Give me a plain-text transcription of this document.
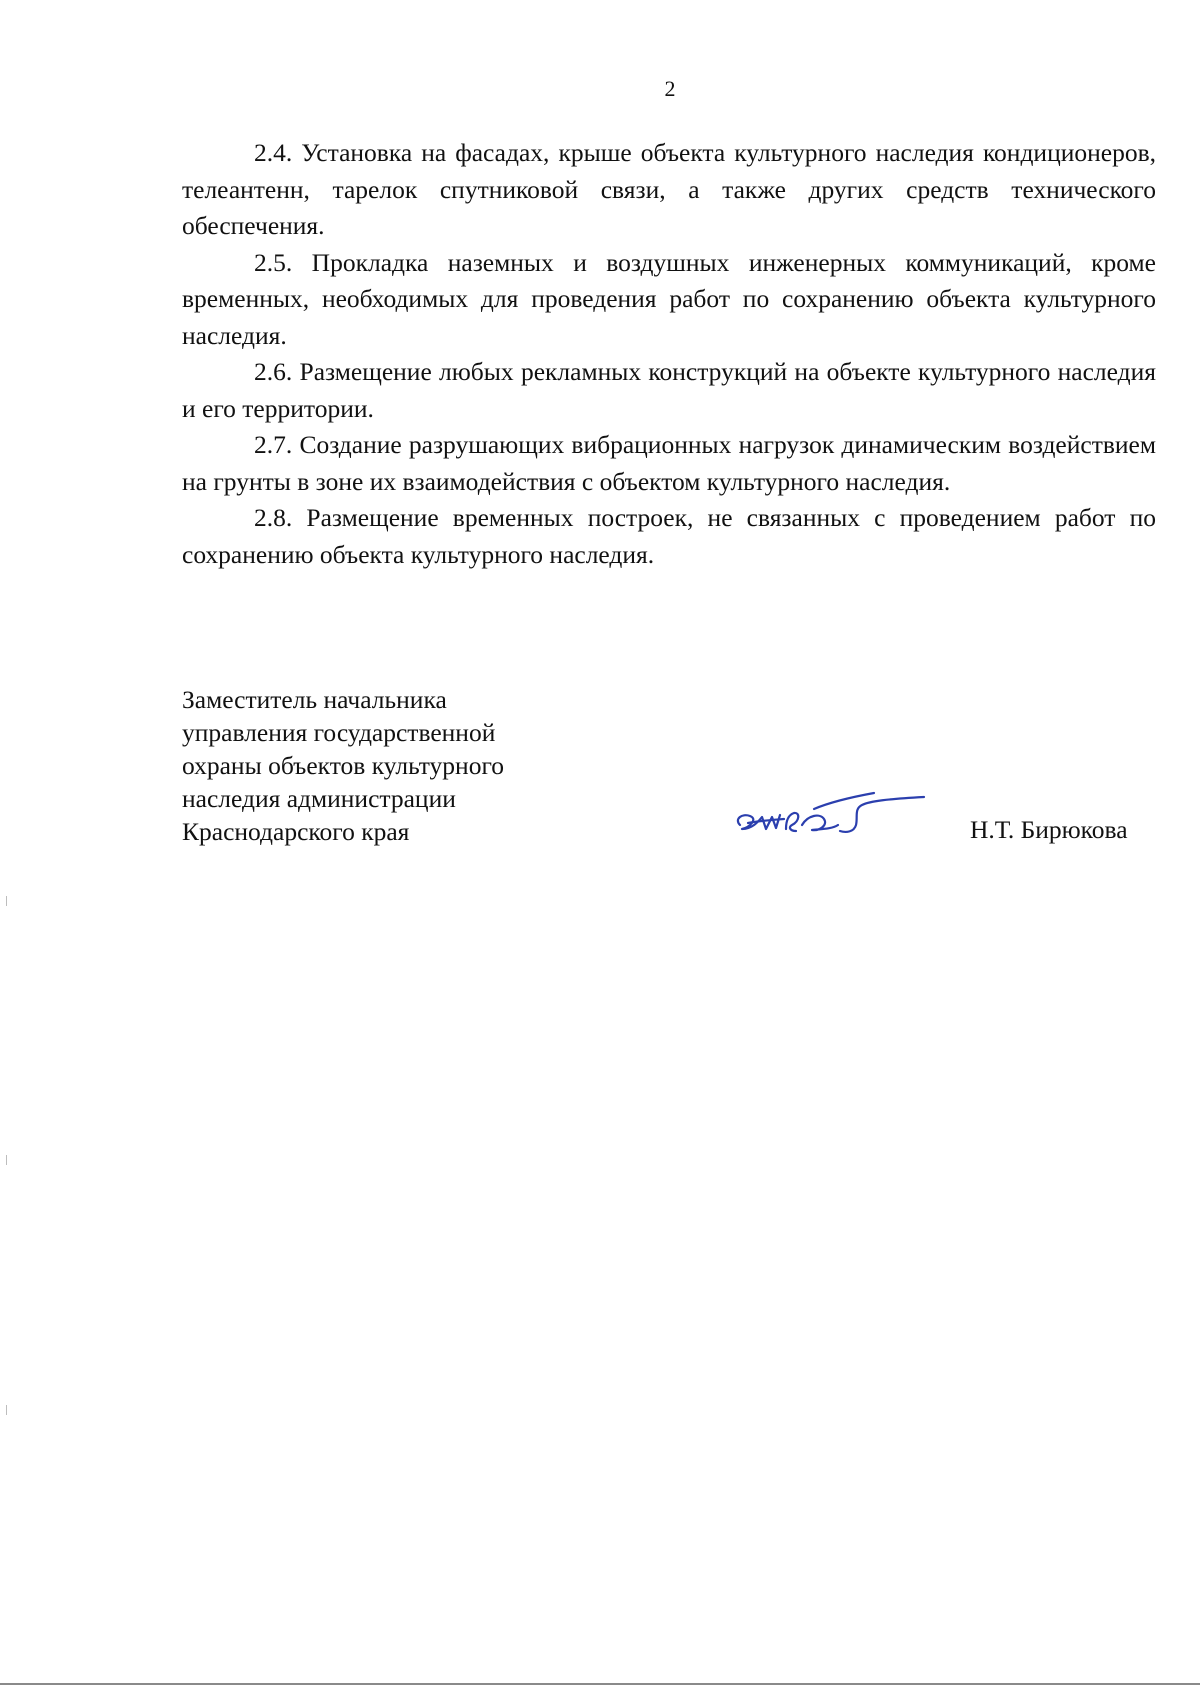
2

2.4. Установка на фасадах, крыше объекта культурного наследия кондиционеров, телеантенн, тарелок спутниковой связи, а также других средств технического обеспечения.

2.5. Прокладка наземных и воздушных инженерных коммуникаций, кроме временных, необходимых для проведения работ по сохранению объекта культурного наследия.

2.6. Размещение любых рекламных конструкций на объекте культурного наследия и его территории.

2.7. Создание разрушающих вибрационных нагрузок динамическим воздействием на грунты в зоне их взаимодействия с объектом культурного наследия.

2.8. Размещение временных построек, не связанных с проведением работ по сохранению объекта культурного наследия.

Заместитель начальника
управления государственной
охраны объектов культурного
наследия администрации
Краснодарского края	Н.Т. Бирюкова
